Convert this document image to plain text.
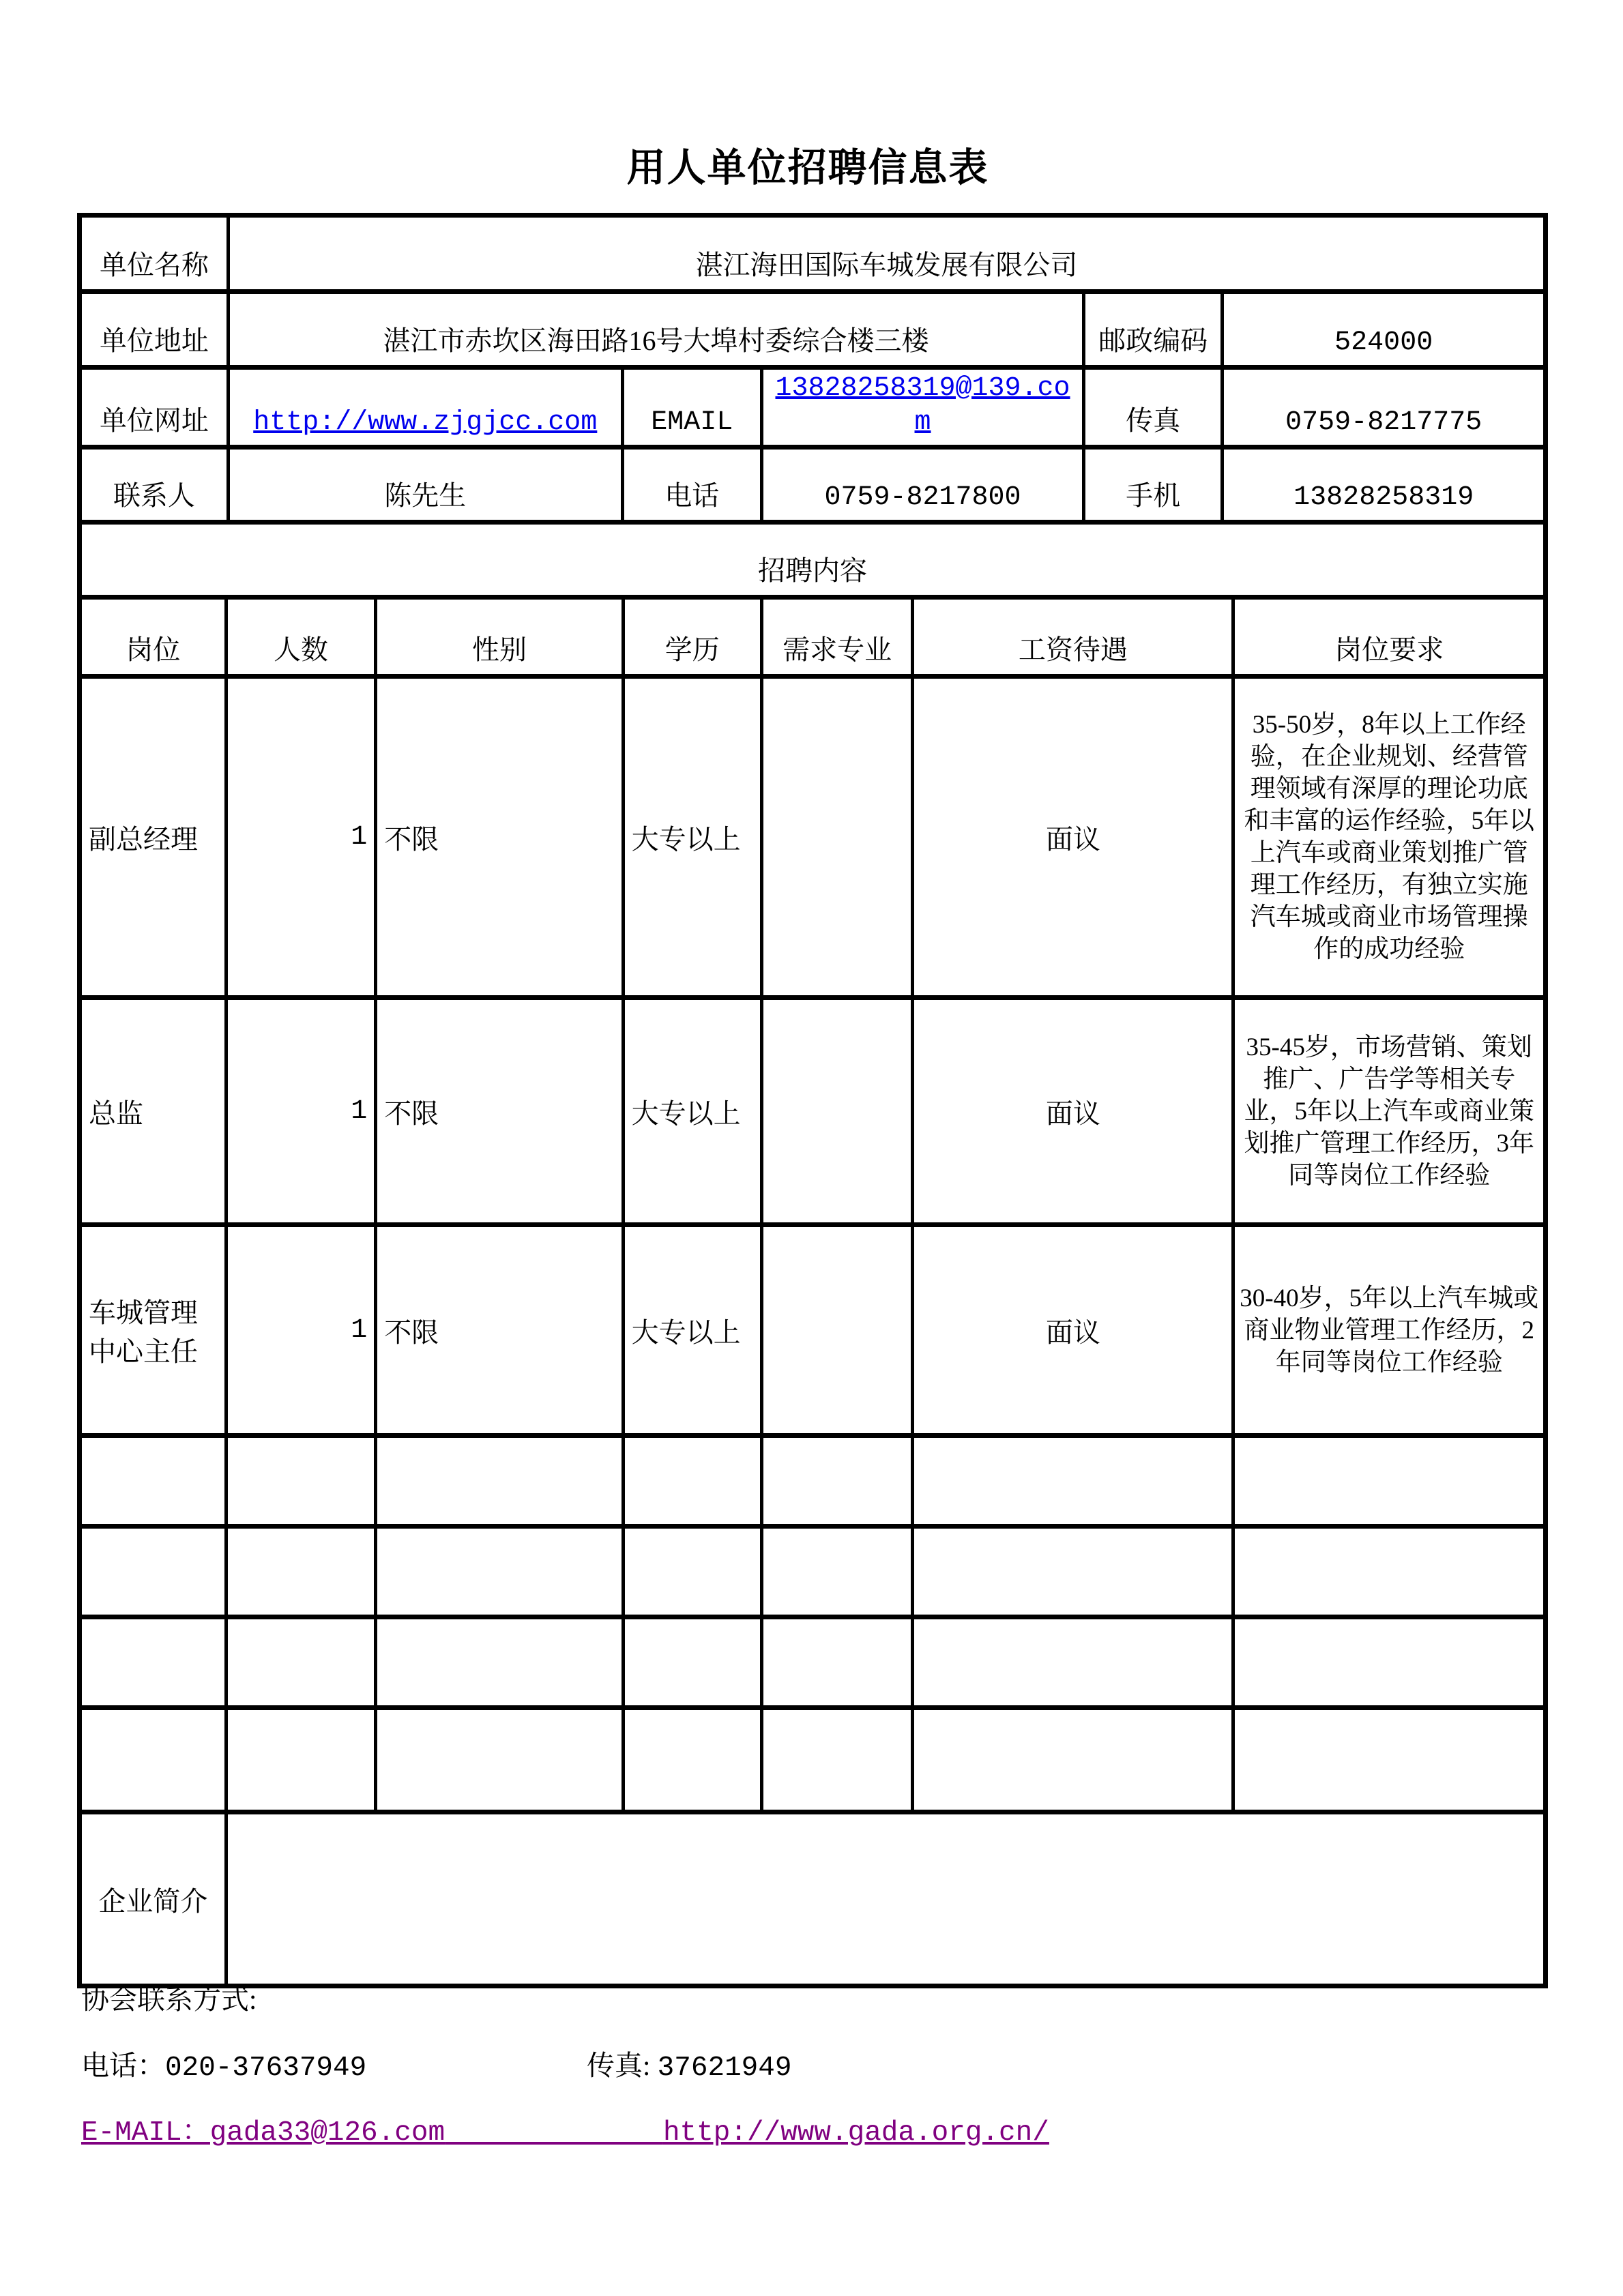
用人单位招聘信息表
单位名称	湛江海田国际车城发展有限公司				
单位地址	湛江市赤坎区海田路16号大埠村委综合楼三楼			邮政编码	524000
单位网址	http://www.zjgjcc.com	EMAIL	13828258319@139.com	传真	0759-8217775
联系人	陈先生	电话	0759-8217800	手机	13828258319
招聘内容						
岗位	人数	性别	学历	需求专业	工资待遇	岗位要求
副总经理	1	不限	大专以上		面议	35-50岁，8年以上工作经验，在企业规划、经营管理领域有深厚的理论功底和丰富的运作经验，5年以上汽车或商业策划推广管理工作经历，有独立实施汽车城或商业市场管理操作的成功经验
总监	1	不限	大专以上		面议	35-45岁，市场营销、策划推广、广告学等相关专业，5年以上汽车或商业策划推广管理工作经历，3年同等岗位工作经验
车城管理中心主任	1	不限	大专以上		面议	30-40岁，5年以上汽车城或商业物业管理工作经历，2年同等岗位工作经验

企业简介						
协会联系方式:
电话：020-37637949	传真: 37621949
E-MAIL：gada33@126.com	http://www.gada.org.cn/
